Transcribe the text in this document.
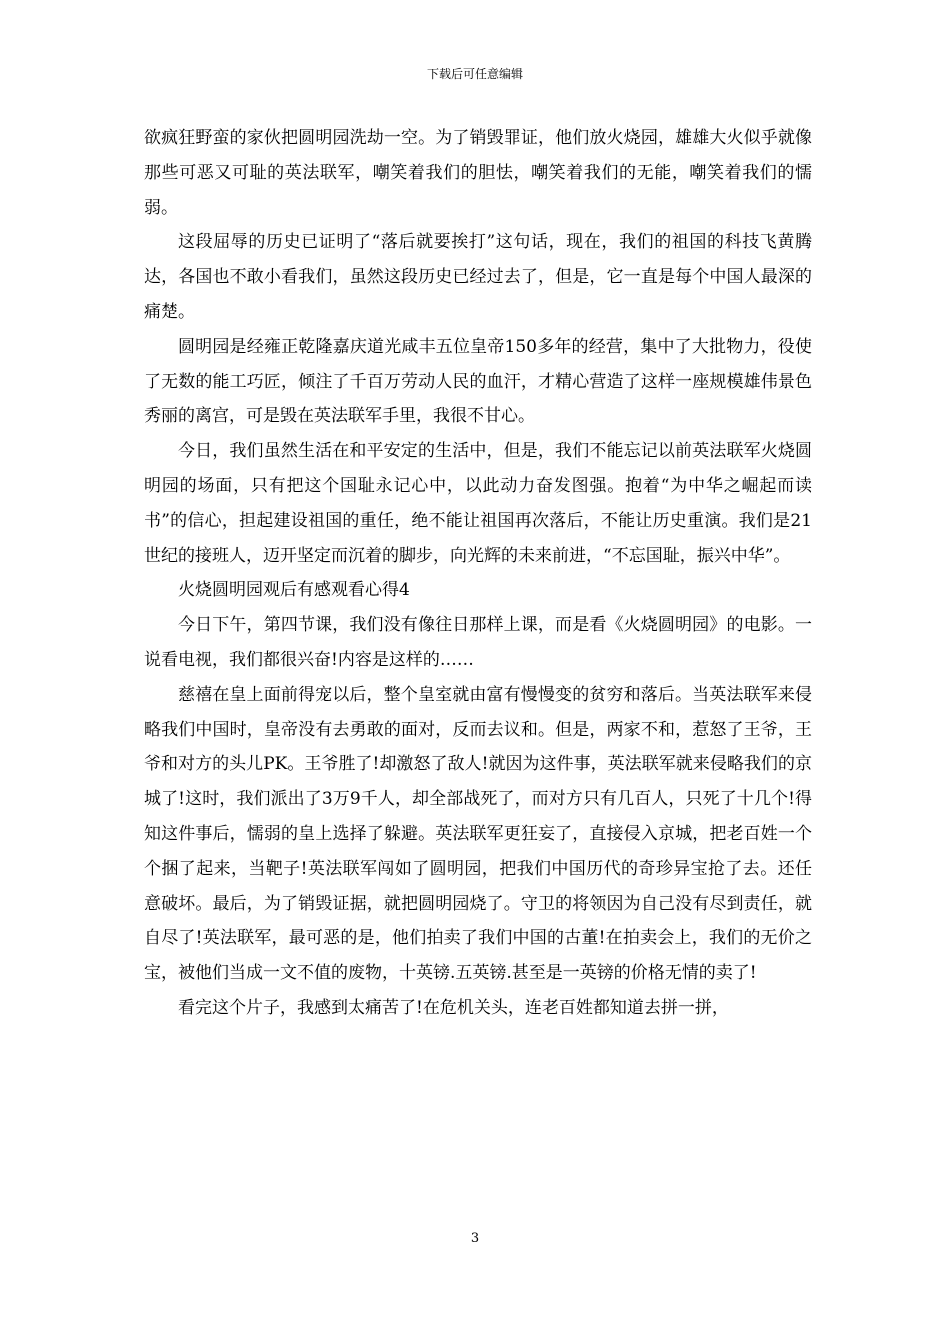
下载后可任意编辑

欲疯狂野蛮的家伙把圆明园洗劫一空。为了销毁罪证，他们放火烧园，雄雄大火似乎就像那些可恶又可耻的英法联军，嘲笑着我们的胆怯，嘲笑着我们的无能，嘲笑着我们的懦弱。

这段屈辱的历史已证明了“落后就要挨打”这句话，现在，我们的祖国的科技飞黄腾达，各国也不敢小看我们，虽然这段历史已经过去了，但是，它一直是每个中国人最深的痛楚。

圆明园是经雍正乾隆嘉庆道光咸丰五位皇帝150多年的经营，集中了大批物力，役使了无数的能工巧匠，倾注了千百万劳动人民的血汗，才精心营造了这样一座规模雄伟景色秀丽的离宫，可是毁在英法联军手里，我很不甘心。

今日，我们虽然生活在和平安定的生活中，但是，我们不能忘记以前英法联军火烧圆明园的场面，只有把这个国耻永记心中，以此动力奋发图强。抱着“为中华之崛起而读书”的信心，担起建设祖国的重任，绝不能让祖国再次落后，不能让历史重演。我们是21世纪的接班人，迈开坚定而沉着的脚步，向光辉的未来前进，“不忘国耻，振兴中华”。

火烧圆明园观后有感观看心得4

今日下午，第四节课，我们没有像往日那样上课，而是看《火烧圆明园》的电影。一说看电视，我们都很兴奋!内容是这样的……

慈禧在皇上面前得宠以后，整个皇室就由富有慢慢变的贫穷和落后。当英法联军来侵略我们中国时，皇帝没有去勇敢的面对，反而去议和。但是，两家不和，惹怒了王爷，王爷和对方的头儿PK。王爷胜了!却激怒了敌人!就因为这件事，英法联军就来侵略我们的京城了!这时，我们派出了3万9千人，却全部战死了，而对方只有几百人，只死了十几个!得知这件事后，懦弱的皇上选择了躲避。英法联军更狂妄了，直接侵入京城，把老百姓一个个捆了起来，当靶子!英法联军闯如了圆明园，把我们中国历代的奇珍异宝抢了去。还任意破坏。最后，为了销毁证据，就把圆明园烧了。守卫的将领因为自己没有尽到责任，就自尽了!英法联军，最可恶的是，他们拍卖了我们中国的古董!在拍卖会上，我们的无价之宝，被他们当成一文不值的废物，十英镑.五英镑.甚至是一英镑的价格无情的卖了!

看完这个片子，我感到太痛苦了!在危机关头，连老百姓都知道去拼一拼，

3
